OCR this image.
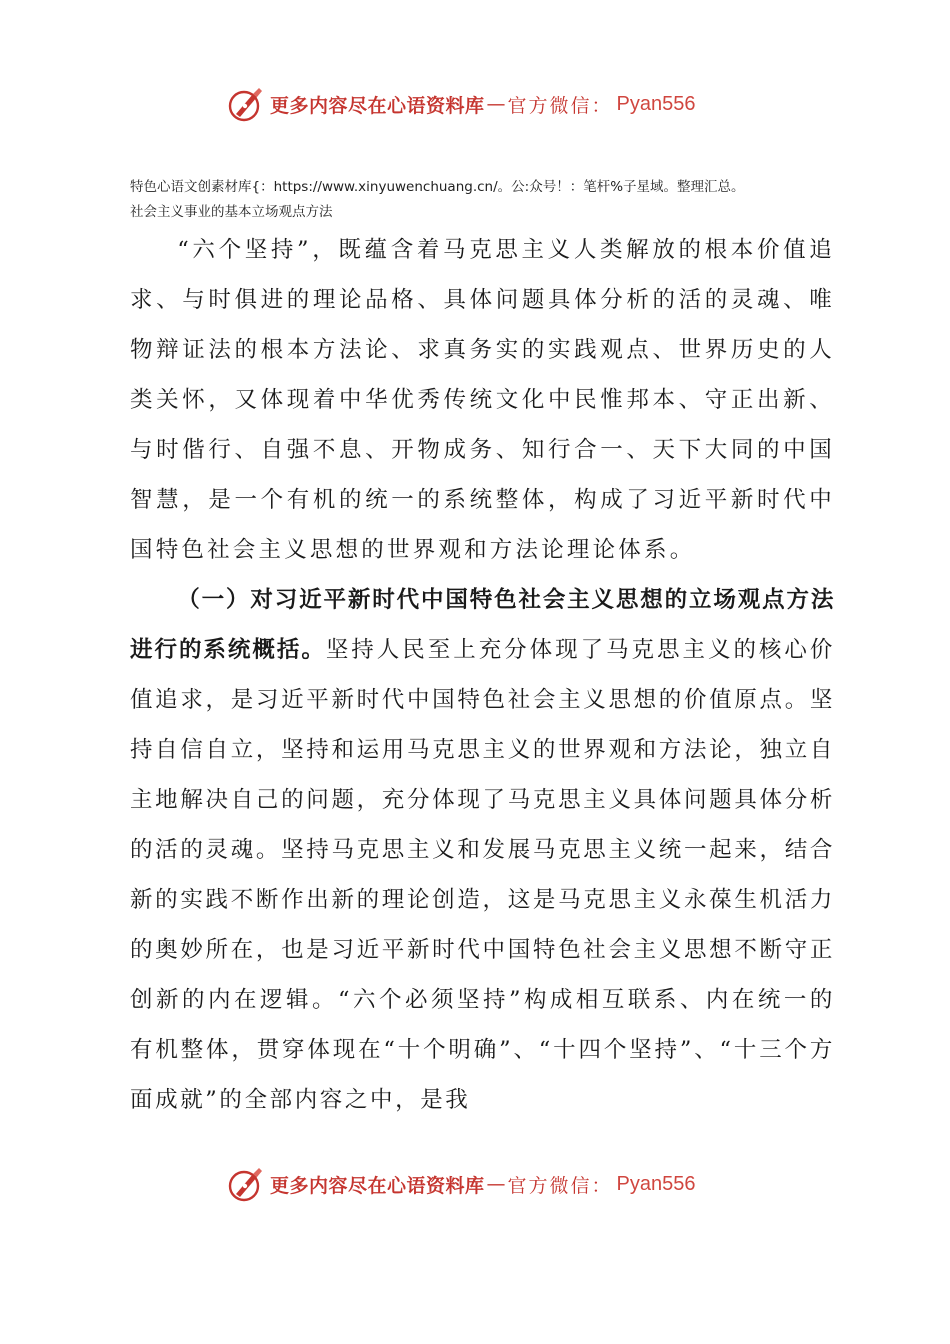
更多内容尽在心语资料库 — 官方微信： Pyan556
特色心语文创素材库{：https://www.xinyuwenchuang.cn/。公:众号！：笔杆%子星域。整理汇总。
社会主义事业的基本立场观点方法

“六个坚持”，既蕴含着马克思主义人类解放的根本价值追求、与时俱进的理论品格、具体问题具体分析的活的灵魂、唯物辩证法的根本方法论、求真务实的实践观点、世界历史的人类关怀，又体现着中华优秀传统文化中民惟邦本、守正出新、与时偕行、自强不息、开物成务、知行合一、天下大同的中国智慧，是一个有机的统一的系统整体，构成了习近平新时代中国特色社会主义思想的世界观和方法论理论体系。

（一）对习近平新时代中国特色社会主义思想的立场观点方法进行的系统概括。坚持人民至上充分体现了马克思主义的核心价值追求，是习近平新时代中国特色社会主义思想的价值原点。坚持自信自立，坚持和运用马克思主义的世界观和方法论，独立自主地解决自己的问题，充分体现了马克思主义具体问题具体分析的活的灵魂。坚持马克思主义和发展马克思主义统一起来，结合新的实践不断作出新的理论创造，这是马克思主义永葆生机活力的奥妙所在，也是习近平新时代中国特色社会主义思想不断守正创新的内在逻辑。“六个必须坚持”构成相互联系、内在统一的有机整体，贯穿体现在“十个明确”、“十四个坚持”、“十三个方面成就”的全部内容之中，是我

更多内容尽在心语资料库 — 官方微信： Pyan556
